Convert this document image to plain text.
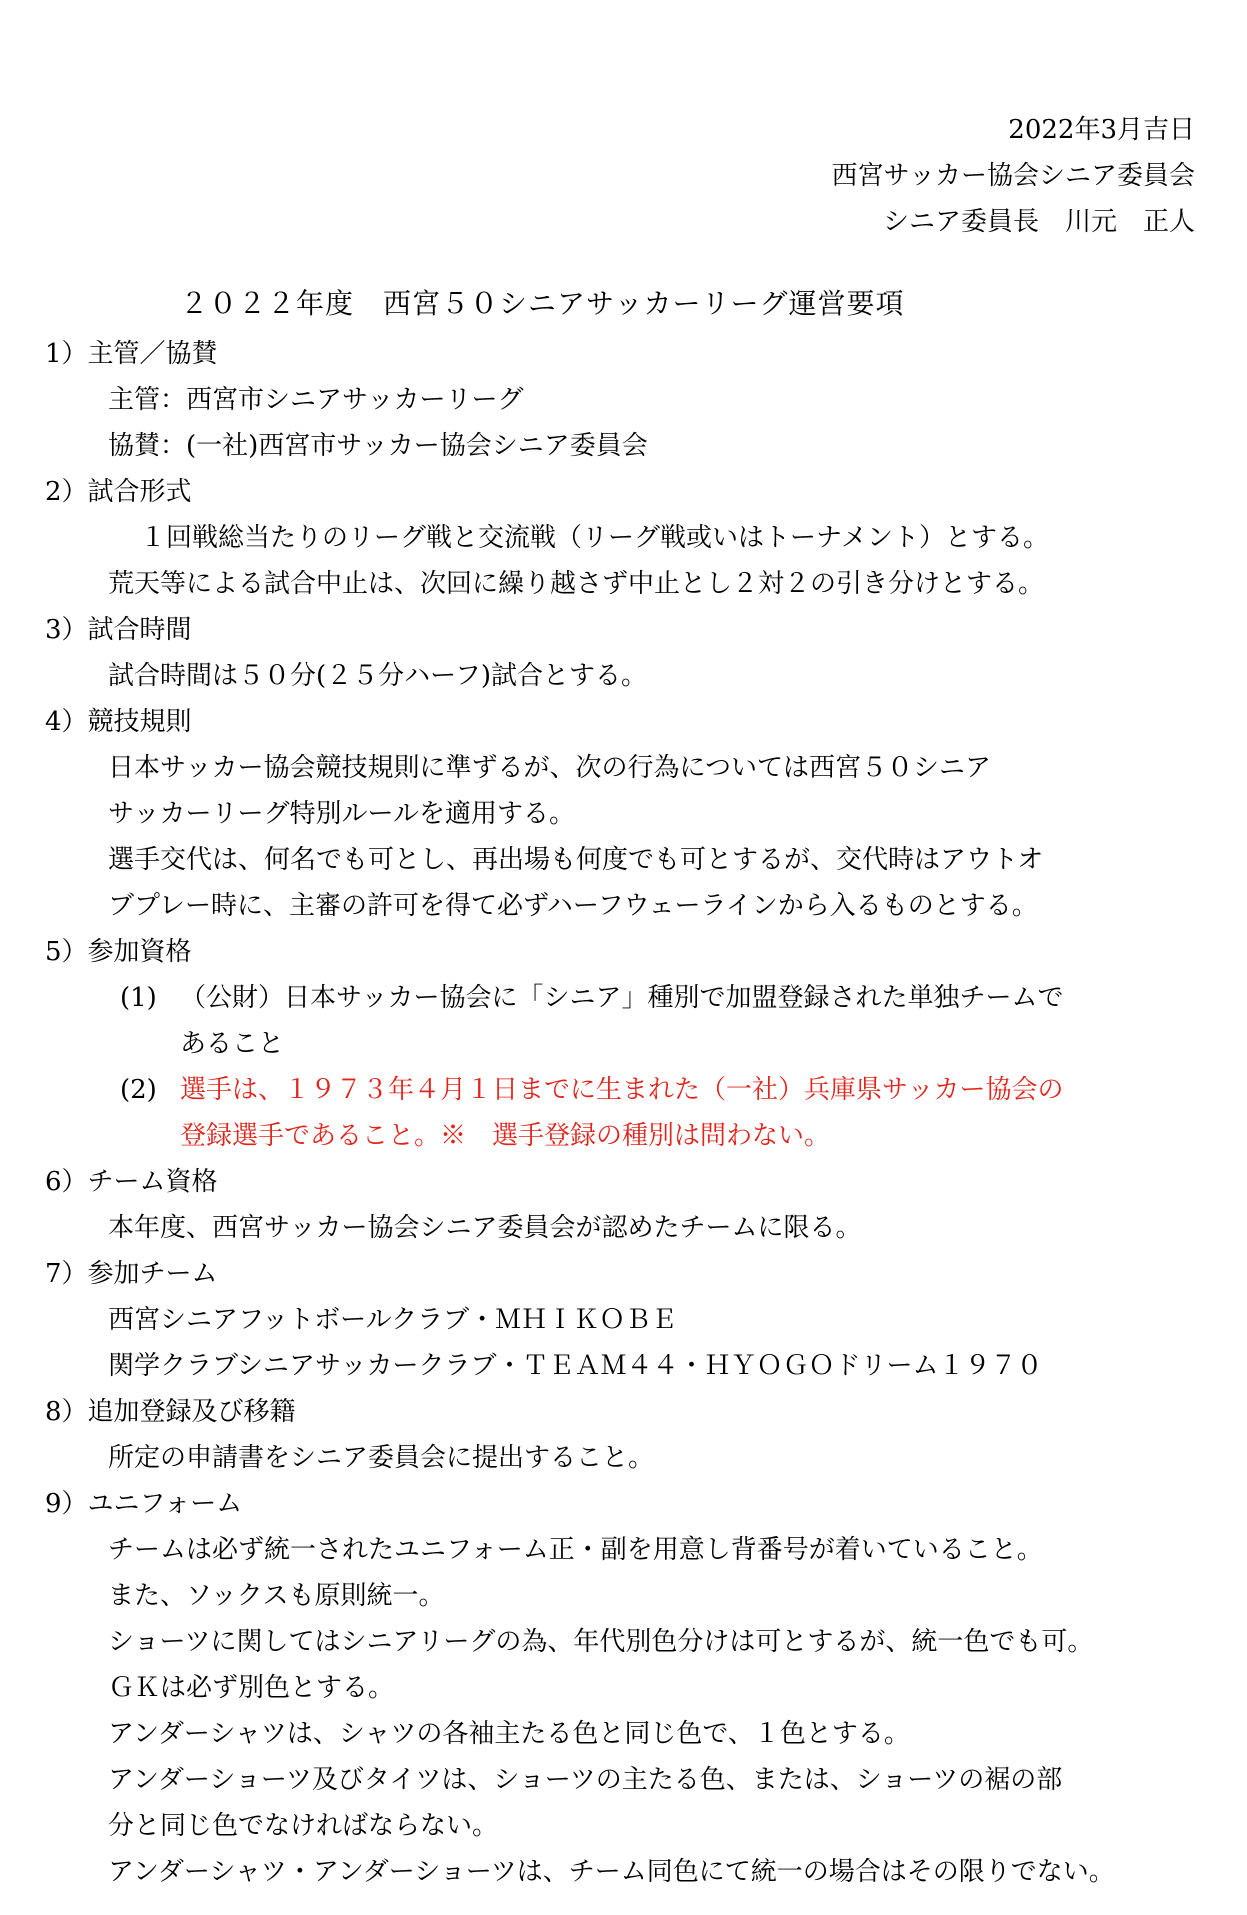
2022年3月吉日
西宮サッカー協会シニア委員会
シニア委員長　川元　正人
２０２２年度　西宮５０シニアサッカーリーグ運営要項
1）主管／協賛
主管：西宮市シニアサッカーリーグ
協賛：(一社)西宮市サッカー協会シニア委員会
2）試合形式
１回戦総当たりのリーグ戦と交流戦（リーグ戦或いはトーナメント）とする。
荒天等による試合中止は、次回に繰り越さず中止とし２対２の引き分けとする。
3）試合時間
試合時間は５０分(２５分ハーフ)試合とする。
4）競技規則
日本サッカー協会競技規則に準ずるが、次の行為については西宮５０シニア
サッカーリーグ特別ルールを適用する。
選手交代は、何名でも可とし、再出場も何度でも可とするが、交代時はアウトオ
ブプレー時に、主審の許可を得て必ずハーフウェーラインから入るものとする。
5）参加資格
(1) （公財）日本サッカー協会に「シニア」種別で加盟登録された単独チームで
あること
(2) 選手は、１９７３年４月１日までに生まれた（一社）兵庫県サッカー協会の
登録選手であること。※　選手登録の種別は問わない。
6）チーム資格
本年度、西宮サッカー協会シニア委員会が認めたチームに限る。
7）参加チーム
西宮シニアフットボールクラブ・ＭＨＩＫＯＢＥ
関学クラブシニアサッカークラブ・ＴＥＡＭ４４・ＨＹＯＧＯドリーム１９７０
8）追加登録及び移籍
所定の申請書をシニア委員会に提出すること。
9）ユニフォーム
チームは必ず統一されたユニフォーム正・副を用意し背番号が着いていること。
また、ソックスも原則統一。
ショーツに関してはシニアリーグの為、年代別色分けは可とするが、統一色でも可。
ＧＫは必ず別色とする。
アンダーシャツは、シャツの各袖主たる色と同じ色で、１色とする。
アンダーショーツ及びタイツは、ショーツの主たる色、または、ショーツの裾の部
分と同じ色でなければならない。
アンダーシャツ・アンダーショーツは、チーム同色にて統一の場合はその限りでない。
